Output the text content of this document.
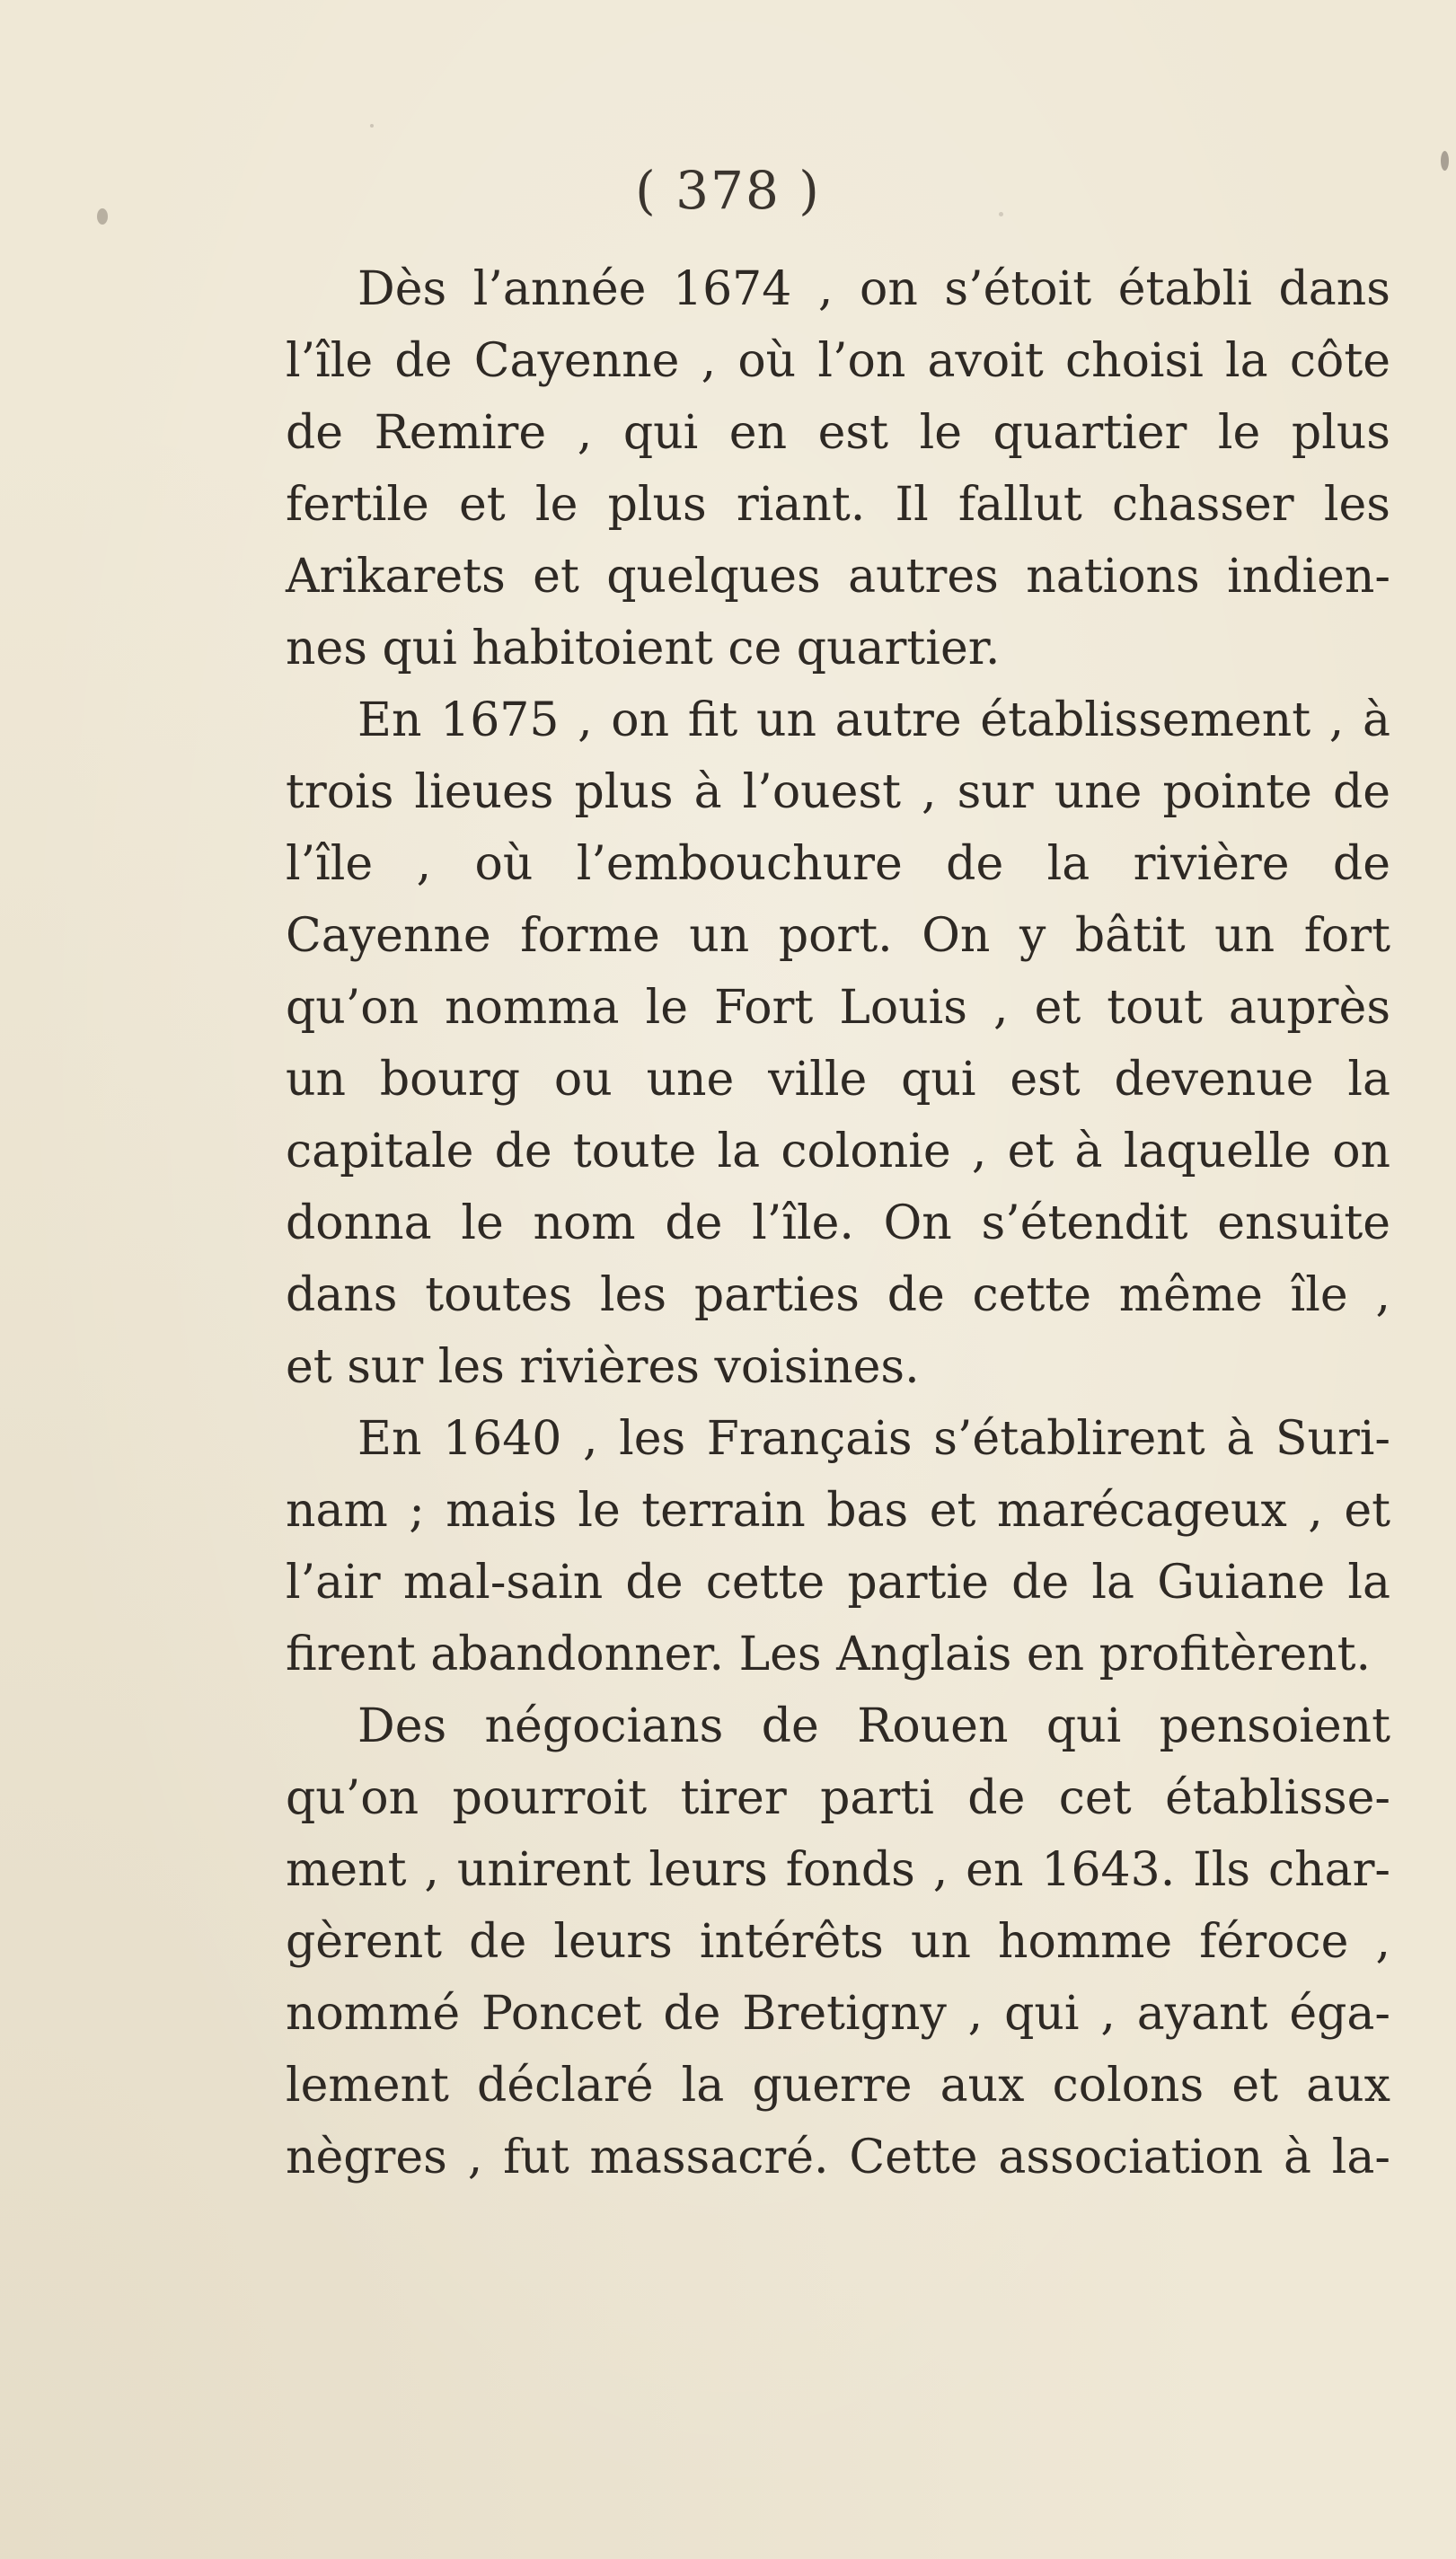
( 378 )
Dès l’année 1674 , on s’étoit établi dans
l’île de Cayenne , où l’on avoit choisi la côte
de Remire , qui en est le quartier le plus
fertile et le plus riant. Il fallut chasser les
Arikarets et quelques autres nations indien-
nes qui habitoient ce quartier.
En 1675 , on fit un autre établissement , à
trois lieues plus à l’ouest , sur une pointe de
l’île , où l’embouchure de la rivière de
Cayenne forme un port. On y bâtit un fort
qu’on nomma le Fort Louis , et tout auprès
un bourg ou une ville qui est devenue la
capitale de toute la colonie , et à laquelle on
donna le nom de l’île. On s’étendit ensuite
dans toutes les parties de cette même île ,
et sur les rivières voisines.
En 1640 , les Français s’établirent à Suri-
nam ; mais le terrain bas et marécageux , et
l’air mal-sain de cette partie de la Guiane la
firent abandonner. Les Anglais en profitèrent.
Des négocians de Rouen qui pensoient
qu’on pourroit tirer parti de cet établisse-
ment , unirent leurs fonds , en 1643. Ils char-
gèrent de leurs intérêts un homme féroce ,
nommé Poncet de Bretigny , qui , ayant éga-
lement déclaré la guerre aux colons et aux
nègres , fut massacré. Cette association à la-
